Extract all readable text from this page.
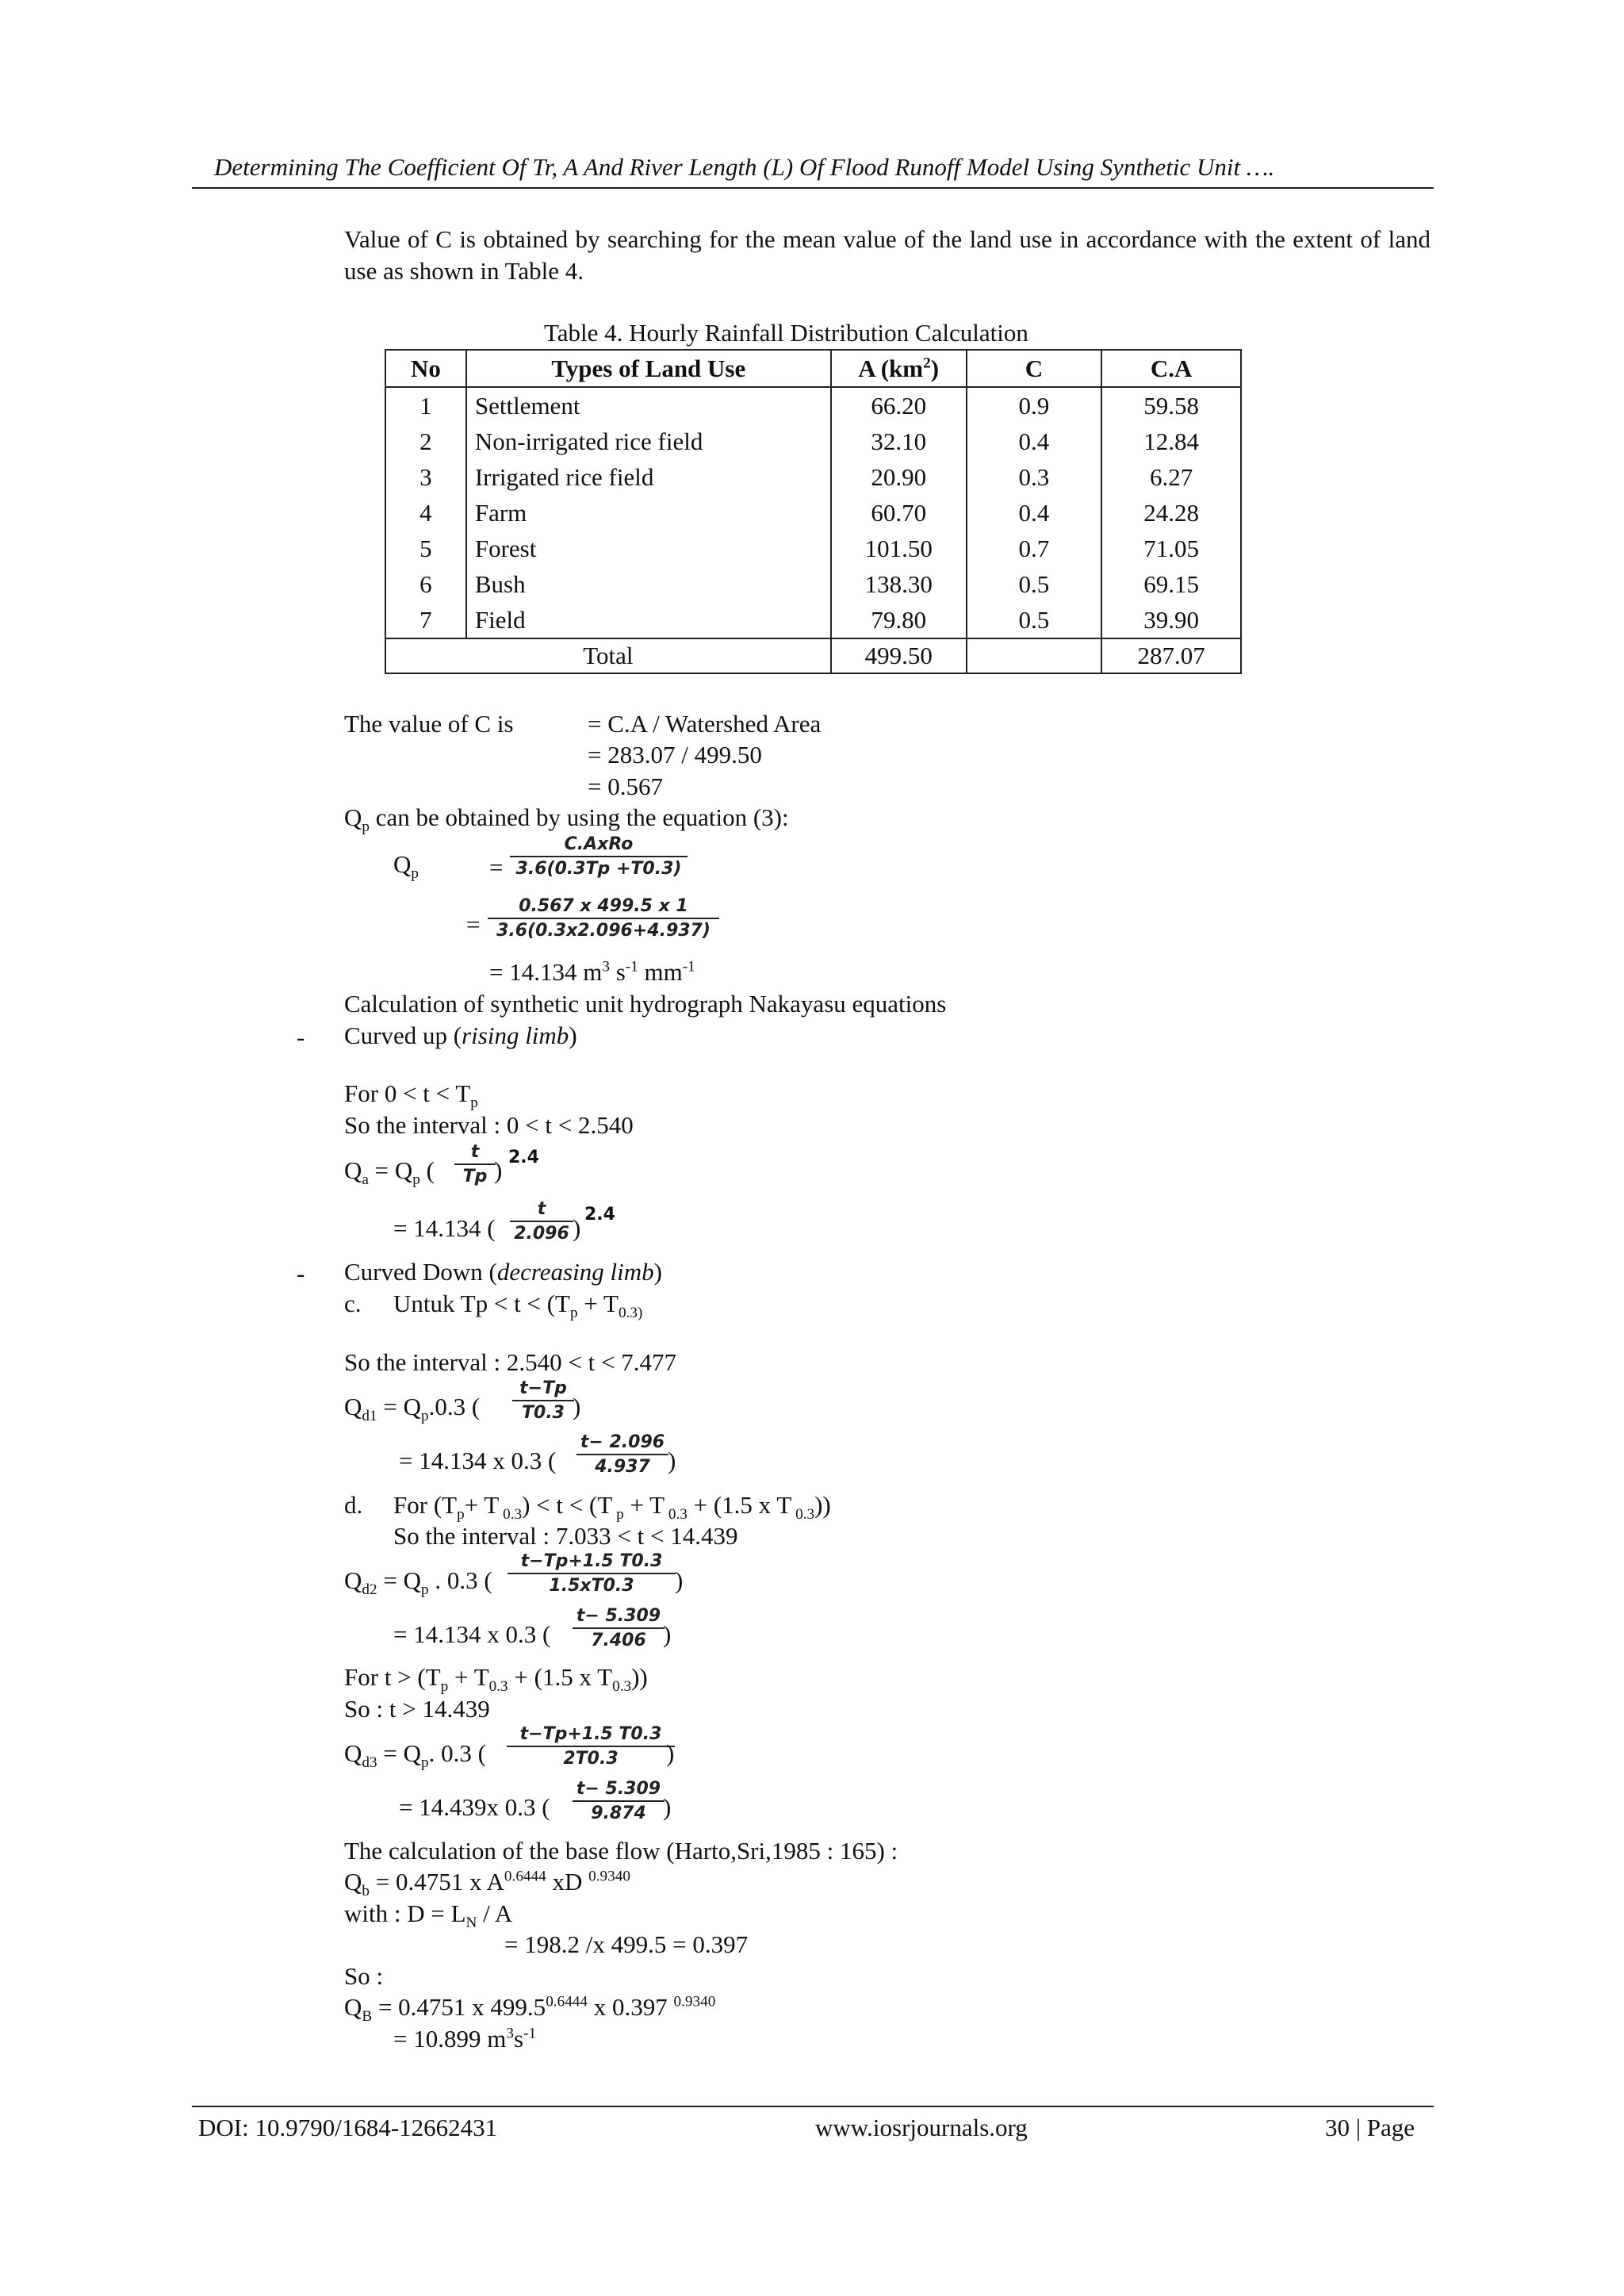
Determining The Coefficient Of Tr, A And River Length (L) Of Flood Runoff Model Using Synthetic Unit ….
Value of C is obtained by searching for the mean value of the land use in accordance with the extent of land use as shown in Table 4.
Table 4. Hourly Rainfall Distribution Calculation
No	Types of Land Use	A $(km^2)$	C	C.A
1	Settlement	66.20	0.9	59.58
2	Non-irrigated rice field	32.10	0.4	12.84
3	Irrigated rice field	20.90	0.3	6.27
4	Farm	60.70	0.4	24.28
5	Forest	101.50	0.7	71.05
6	Bush	138.30	0.5	69.15
7	Field	79.80	0.5	39.90
Total		499.50		287.07
The value of C is	= C.A / Watershed Area
= 283.07 / 499.50
= 0.567
$Q_p$ can be obtained by using the equation (3):
$Q_p$	=
C.AxRo
3.6(0.3Tp +T0.3)
=
0.567 x 499.5 x 1
3.6(0.3x2.096+4.937)
= 14.134 $m^3$ $s^{-1}$ $mm^{-1}$
Calculation of synthetic unit hydrograph Nakayasu equations
- Curved up (rising limb)
For $0 < t < T_p$
So the interval : 0 < t < 2.540
$Q_a = Q_p$ (
t
Tp ) 2.4
= 14.134 (
t
2.096 ) 2.4
- Curved Down (decreasing limb)
c. Untuk $Tp < t < (T_p + T_{0.3)}$
So the interval : 2.540 < t < 7.477
$Q_{d1} = Q_p.0.3$ (
t−Tp
T0.3 )
= 14.134 x 0.3 (
t− 2.096
4.937 )
d. For ($T_p+ T$ $_{0.3}$) < t < (T $_p$ + T $_{0.3}$ + (1.5 x T $_{0.3}$))
So the interval : 7.033 < t < 14.439
$Q_{d2} = Q_p$ . 0.3 (
t−Tp+1.5 T0.3
1.5xT0.3	)
= 14.134 x 0.3 (
t− 5.309
7.406 )
For $t > (T_p + T_{0.3} + (1.5$ x $T_{0.3}$))
So : t > 14.439
$Q_{d3} = Q_p$. 0.3 (
t−Tp+1.5 T0.3
2T0.3	)
= 14.439x 0.3 (
t− 5.309
9.874 )
The calculation of the base flow (Harto,Sri,1985 : 165) :
$Q_b = 0.4751$ x $A^{0.6444}$ xD $^{0.9340}$
with : $D = L_N / A$
= 198.2 /x 499.5 = 0.397
So :
$Q_B = 0.4751$ x $499.5^{0.6444}$ x 0.397 $^{0.9340}$
= 10.899 $m^3s^{-1}$
DOI: 10.9790/1684-12662431	www.iosrjournals.org	30 | Page
